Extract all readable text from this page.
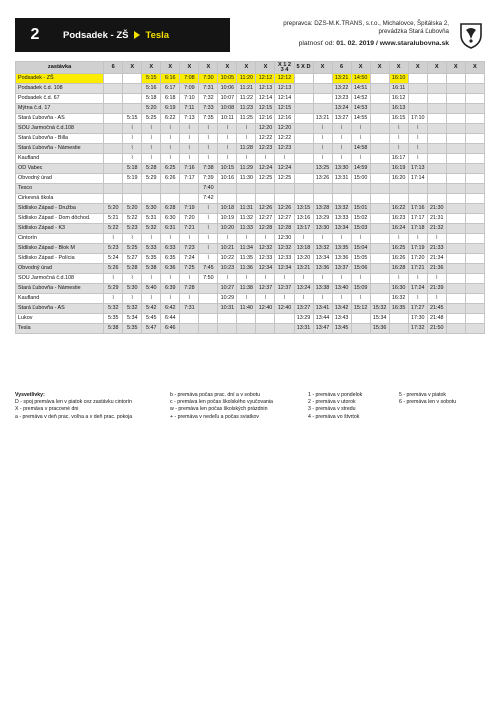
2	Podsadek - ZŠ Tesla
prepravca: DZS-M.K.TRANS, s.r.o., Michalovce, Špitálska 2,
prevádzka Stará Ľubovňa
platnosť od: 01. 02. 2019 / www.staralubovna.sk
zastávka	6	X	X	X	X	X	X	X	X	X 1 2
3 4	5 X D	X	6	X	X	X	X	X	X	X
Podsadek - ZŠ			5:15	6:16	7:08	7:30	10:05	11:20	12:12	12:12			13:21	14:50		16:10				
Podsadek č.d. 108			5:16	6:17	7:09	7:31	10:06	11:21	12:13	12:13			13:22	14:51		16:11				
Podsadek č.d. 67			5:18	6:18	7:10	7:32	10:07	11:22	12:14	12:14			13:23	14:52		16:12				
Mýtna č.d. 17			5:20	6:19	7:11	7:33	10:08	11:23	12:15	12:15			13:24	14:53		16:13				
Stará Ľubovňa - AS		5:15	5:25	6:22	7:13	7:35	10:11	11:25	12:16	12:16		13:21	13:27	14:55		16:15	17:10			
SOU Jarmočná č.d.108		⌇	⌇	⌇	⌇	⌇	⌇	⌇	12:20	12:20		⌇	⌇	⌇		⌇	⌇			
Stará Ľubovňa - Billa		⌇	⌇	⌇	⌇	⌇	⌇	⌇	12:22	12:22		⌇	⌇	⌇		⌇	⌇			
Stará Ľubovňa - Námestie		⌇	⌇	⌇	⌇	⌇	⌇	11:28	12:23	12:23		⌇	⌇	14:58		⌇	⌇			
Kaufland		⌇	⌇	⌇	⌇	⌇	⌇	⌇	⌇	⌇		⌇	⌇	⌇		16:17	⌇			
OD Vabec		5:18	5:28	6:25	7:16	7:38	10:15	11:29	12:24	12:24		13:25	13:30	14:59		16:19	17:13			
Obvodný úrad		5:19	5:29	6:26	7:17	7:39	10:16	11:30	12:25	12:25		13:26	13:31	15:00		16:20	17:14			
Tesco						7:40														
Cirkevná škola						7:42														
Sídlisko Západ - Družba	5:20	5:20	5:30	6:28	7:19	⌇	10:18	11:31	12:26	12:26	13:15	13:28	13:32	15:01		16:22	17:16	21:30		
Sídlisko Západ - Dom dôchod.	5:21	5:22	5:31	6:30	7:20	⌇	10:19	11:32	12:27	12:27	13:16	13:29	13:33	15:02		16:23	17:17	21:31		
Sídlisko Západ - K3	5:22	5:23	5:32	6:31	7:21	⌇	10:20	11:33	12:28	12:28	13:17	13:30	13:34	15:03		16:24	17:18	21:32		
Cintorín	⌇	⌇	⌇	⌇	⌇	⌇	⌇	⌇	⌇	12:30	⌇	⌇	⌇	⌇		⌇	⌇	⌇		
Sídlisko Západ - Blok M	5:23	5:25	5:33	6:33	7:23	⌇	10:21	11:34	12:32	12:32	13:18	13:32	13:35	15:04		16:25	17:19	21:33		
Sídlisko Západ - Polícia	5:24	5:27	5:35	6:35	7:24	⌇	10:22	11:35	12:33	12:33	13:20	13:34	13:36	15:05		16:26	17:20	21:34		
Obvodný úrad	5:26	5:28	5:38	6:36	7:25	7:45	10:23	11:36	12:34	12:34	13:21	13:36	13:37	15:06		16:28	17:21	21:36		
SOU Jarmočná č.d.108	⌇	⌇	⌇	⌇	⌇	7:50	⌇	⌇	⌇	⌇	⌇	⌇	⌇	⌇		⌇	⌇	⌇		
Stará Ľubovňa - Námestie	5:29	5:30	5:40	6:39	7:28		10:27	11:38	12:37	12:37	13:24	13:38	13:40	15:09		16:30	17:24	21:39		
Kaufland	⌇	⌇	⌇	⌇	⌇		10:29	⌇	⌇	⌇	⌇	⌇	⌇	⌇		16:32	⌇	⌇		
Stará Ľubovňa - AS	5:32	5:32	5:42	6:42	7:31		10:31	11:40	12:40	12:40	13:27	13:41	13:42	15:12	15:32	16:35	17:27	21:45		
Lukov	5:35	5:34	5:45	6:44							13:29	13:44	13:43		15:34		17:30	21:48		
Tesla	5:38	5:35	5:47	6:46							13:31	13:47	13:45		15:36		17:32	21:50		
Vysvetlivky:
D - spoj premáva len v piatok cez zastávku cintorín
X - premáva v pracovné dni
a - premáva v deň prac. voľna a v deň prac. pokoja
b - premáva počas prac. dní a v sobotu
c - premáva len počas školského vyučovania
w - premáva len počas školských prázdnin
+ - premáva v nedeľu a počas sviatkov
1 - premáva v pondelok
2 - premáva v utorok
3 - premáva v stredu
4 - premáva vo štvrtok
5 - premáva v piatok
6 - premáva len v sobotu
